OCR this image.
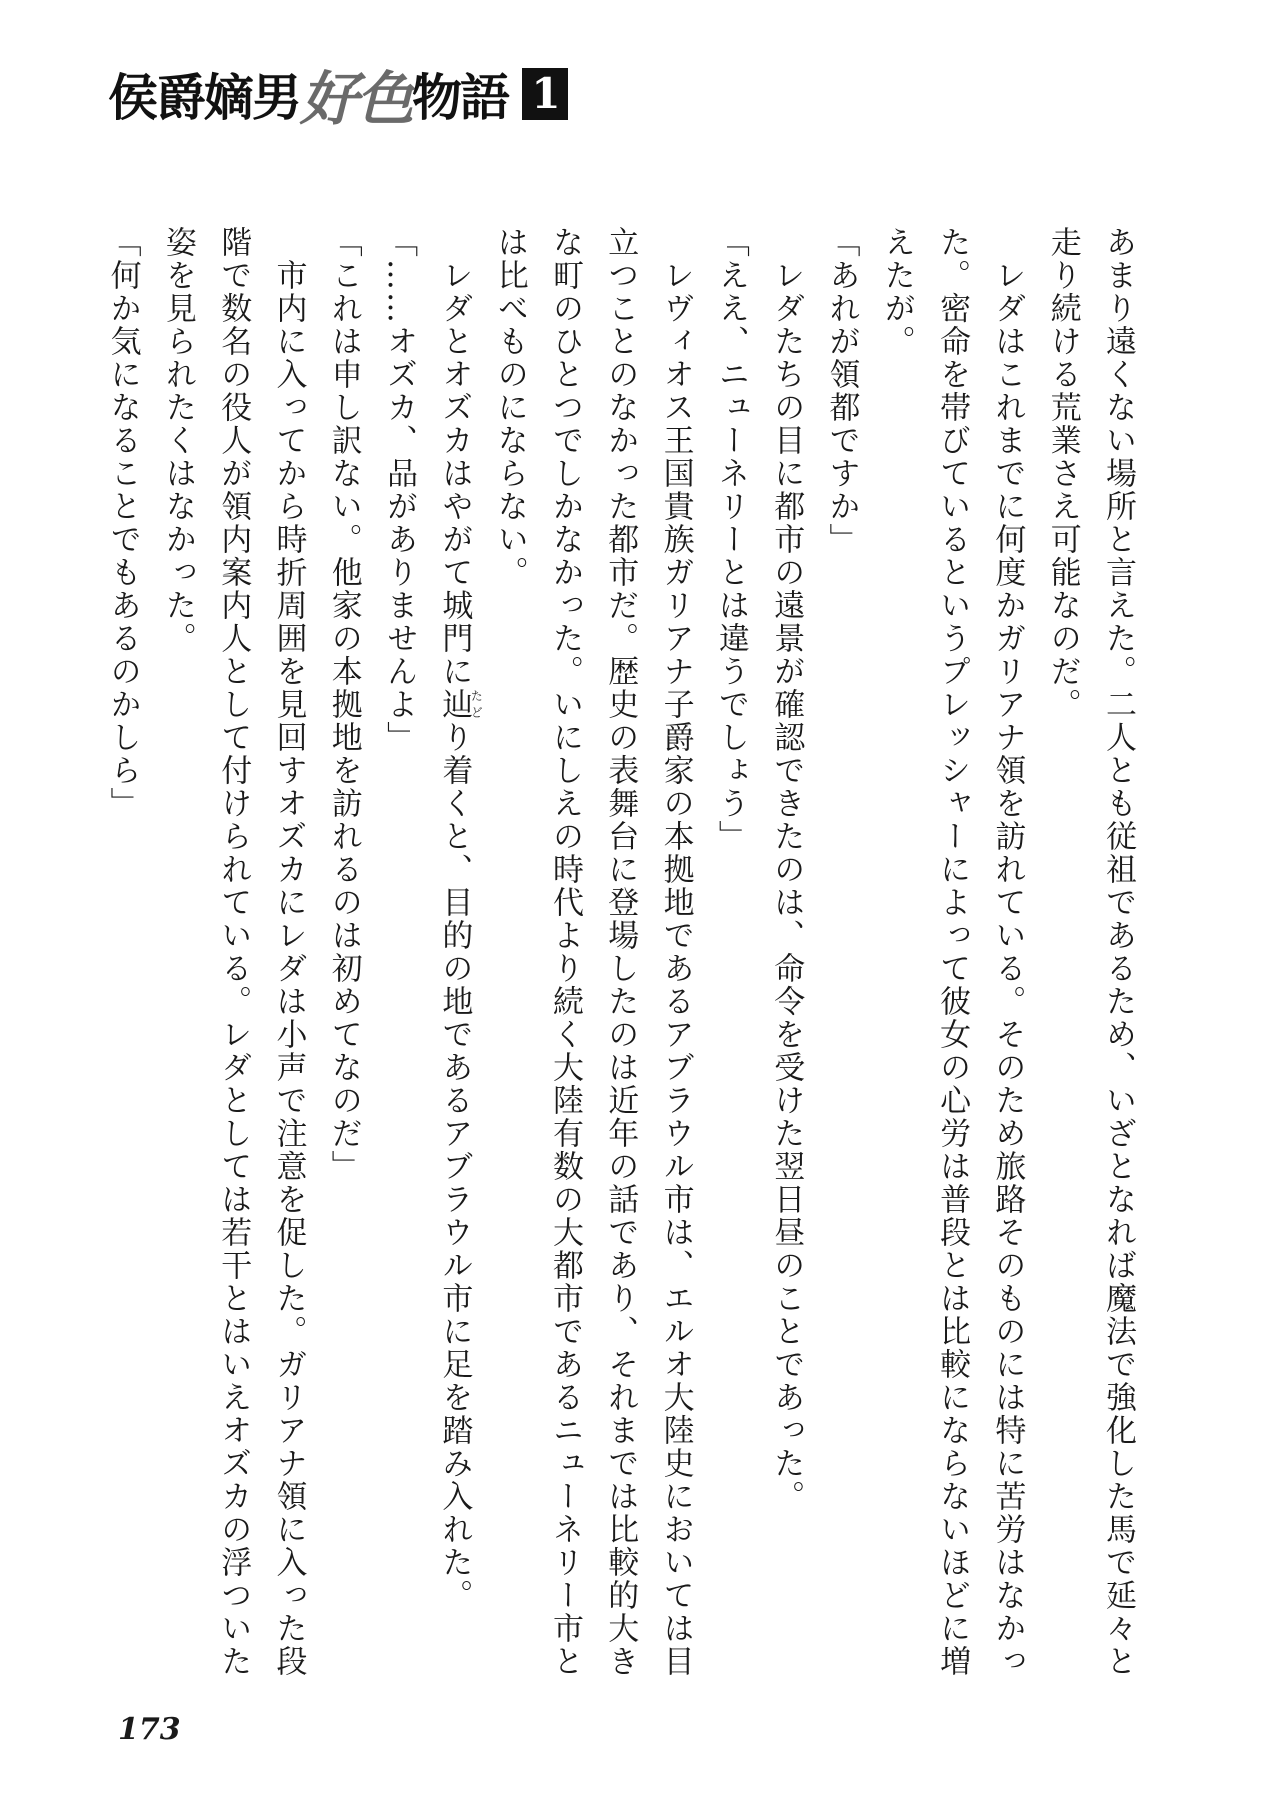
侯爵嫡男 好色 物語 1
あまり遠くない場所と言えた。二人とも従祖であるため、いざとなれば魔法で強化した馬で延々と
走り続ける荒業さえ可能なのだ。
　レダはこれまでに何度かガリアナ領を訪れている。そのため旅路そのものには特に苦労はなかっ
た。密命を帯びているというプレッシャーによって彼女の心労は普段とは比較にならないほどに増
えたが。
「あれが領都ですか」
　レダたちの目に都市の遠景が確認できたのは、命令を受けた翌日昼のことであった。
「ええ、ニューネリーとは違うでしょう」
　レヴィオス王国貴族ガリアナ子爵家の本拠地であるアブラウル市は、エルオ大陸史においては目
立つことのなかった都市だ。歴史の表舞台に登場したのは近年の話であり、それまでは比較的大き
な町のひとつでしかなかった。いにしえの時代より続く大陸有数の大都市であるニューネリー市と
は比べものにならない。
　レダとオズカはやがて城門に辿たどり着くと、目的の地であるアブラウル市に足を踏み入れた。
「……オズカ、品がありませんよ」
「これは申し訳ない。他家の本拠地を訪れるのは初めてなのだ」
　市内に入ってから時折周囲を見回すオズカにレダは小声で注意を促した。ガリアナ領に入った段
階で数名の役人が領内案内人として付けられている。レダとしては若干とはいえオズカの浮ついた
姿を見られたくはなかった。
「何か気になることでもあるのかしら」
173
